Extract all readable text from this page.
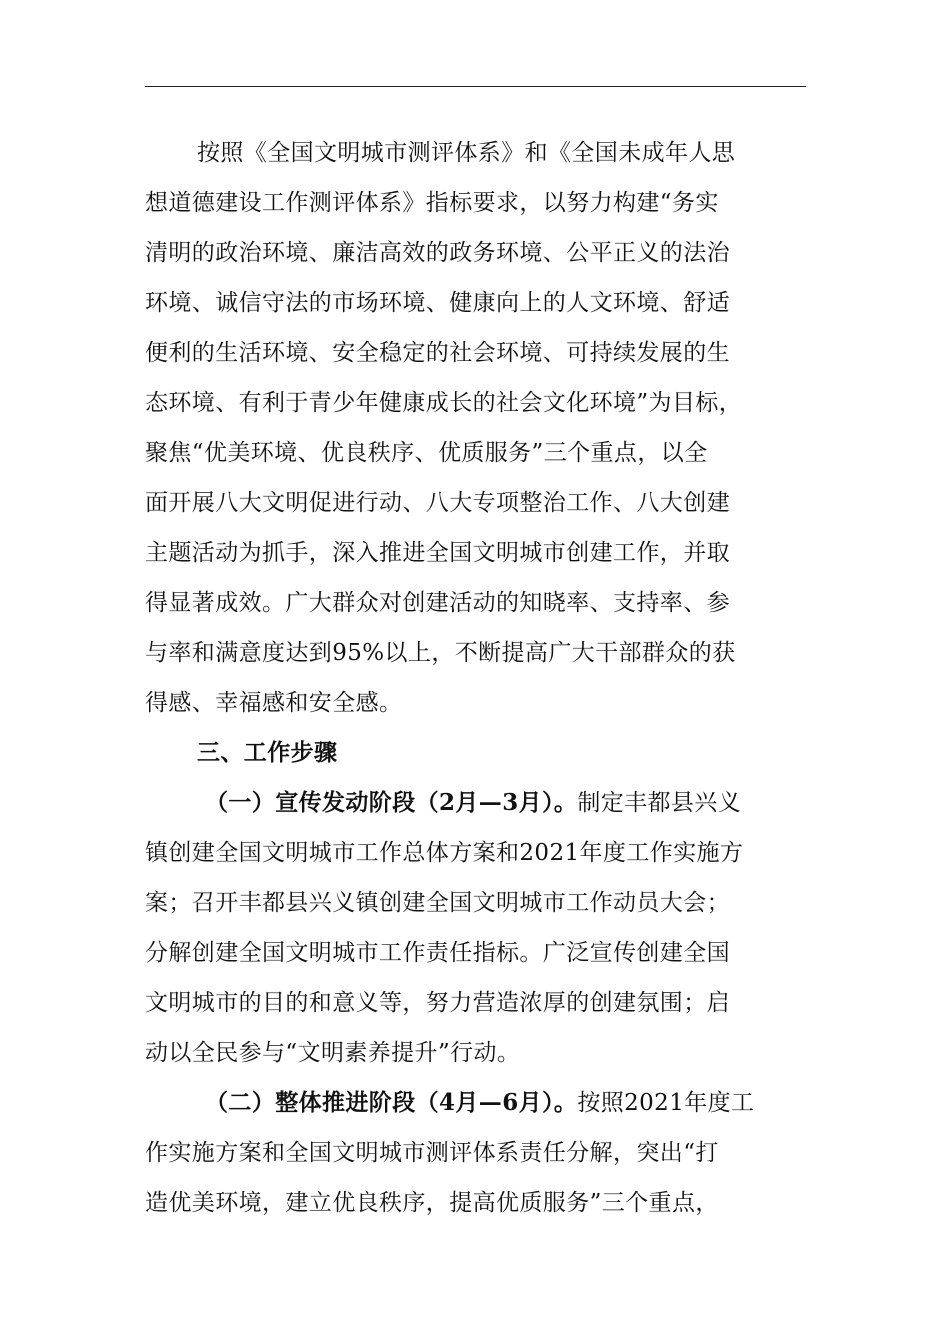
按照《全国文明城市测评体系》和《全国未成年人思
想道德建设工作测评体系》指标要求，以努力构建“务实
清明的政治环境、廉洁高效的政务环境、公平正义的法治
环境、诚信守法的市场环境、健康向上的人文环境、舒适
便利的生活环境、安全稳定的社会环境、可持续发展的生
态环境、有利于青少年健康成长的社会文化环境”为目标，
聚焦“优美环境、优良秩序、优质服务”三个重点，以全
面开展八大文明促进行动、八大专项整治工作、八大创建
主题活动为抓手，深入推进全国文明城市创建工作，并取
得显著成效。广大群众对创建活动的知晓率、支持率、参
与率和满意度达到95%以上，不断提高广大干部群众的获
得感、幸福感和安全感。
三、工作步骤
（一）宣传发动阶段（2月—3月）。制定丰都县兴义
镇创建全国文明城市工作总体方案和2021年度工作实施方
案；召开丰都县兴义镇创建全国文明城市工作动员大会；
分解创建全国文明城市工作责任指标。广泛宣传创建全国
文明城市的目的和意义等，努力营造浓厚的创建氛围；启
动以全民参与“文明素养提升”行动。
（二）整体推进阶段（4月—6月）。按照2021年度工
作实施方案和全国文明城市测评体系责任分解，突出“打
造优美环境，建立优良秩序，提高优质服务”三个重点，
